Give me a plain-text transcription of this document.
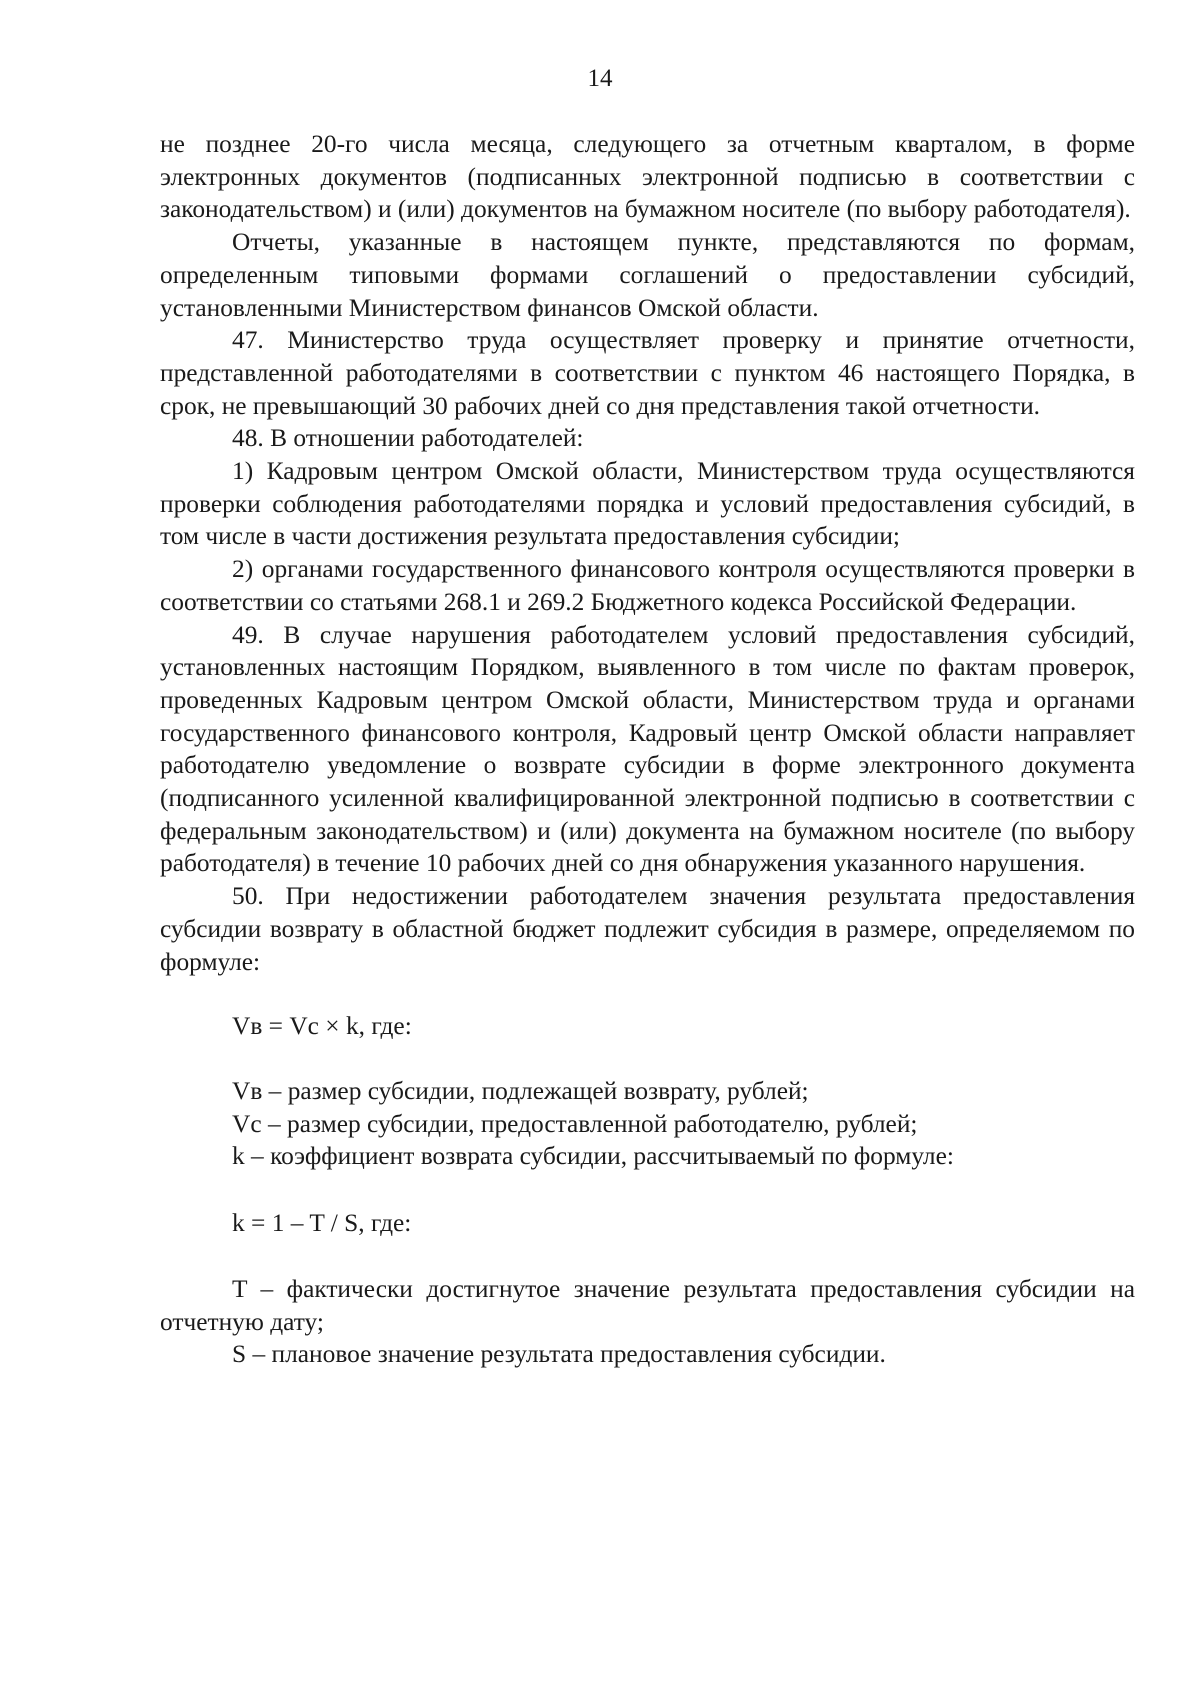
14

не позднее 20-го числа месяца, следующего за отчетным кварталом, в форме электронных документов (подписанных электронной подписью в соответствии с законодательством) и (или) документов на бумажном носителе (по выбору работодателя).

Отчеты, указанные в настоящем пункте, представляются по формам, определенным типовыми формами соглашений о предоставлении субсидий, установленными Министерством финансов Омской области.

47. Министерство труда осуществляет проверку и принятие отчетности, представленной работодателями в соответствии с пунктом 46 настоящего Порядка, в срок, не превышающий 30 рабочих дней со дня представления такой отчетности.

48. В отношении работодателей:

1) Кадровым центром Омской области, Министерством труда осуществляются проверки соблюдения работодателями порядка и условий предоставления субсидий, в том числе в части достижения результата предоставления субсидии;

2) органами государственного финансового контроля осуществляются проверки в соответствии со статьями 268.1 и 269.2 Бюджетного кодекса Российской Федерации.

49. В случае нарушения работодателем условий предоставления субсидий, установленных настоящим Порядком, выявленного в том числе по фактам проверок, проведенных Кадровым центром Омской области, Министерством труда и органами государственного финансового контроля, Кадровый центр Омской области направляет работодателю уведомление о возврате субсидии в форме электронного документа (подписанного усиленной квалифицированной электронной подписью в соответствии с федеральным законодательством) и (или) документа на бумажном носителе (по выбору работодателя) в течение 10 рабочих дней со дня обнаружения указанного нарушения.

50. При недостижении работодателем значения результата предоставления субсидии возврату в областной бюджет подлежит субсидия в размере, определяемом по формуле:

Vв = Vс × k, где:

Vв – размер субсидии, подлежащей возврату, рублей;

Vс – размер субсидии, предоставленной работодателю, рублей;

k – коэффициент возврата субсидии, рассчитываемый по формуле:

k = 1 – T / S, где:

T – фактически достигнутое значение результата предоставления субсидии на отчетную дату;

S – плановое значение результата предоставления субсидии.
